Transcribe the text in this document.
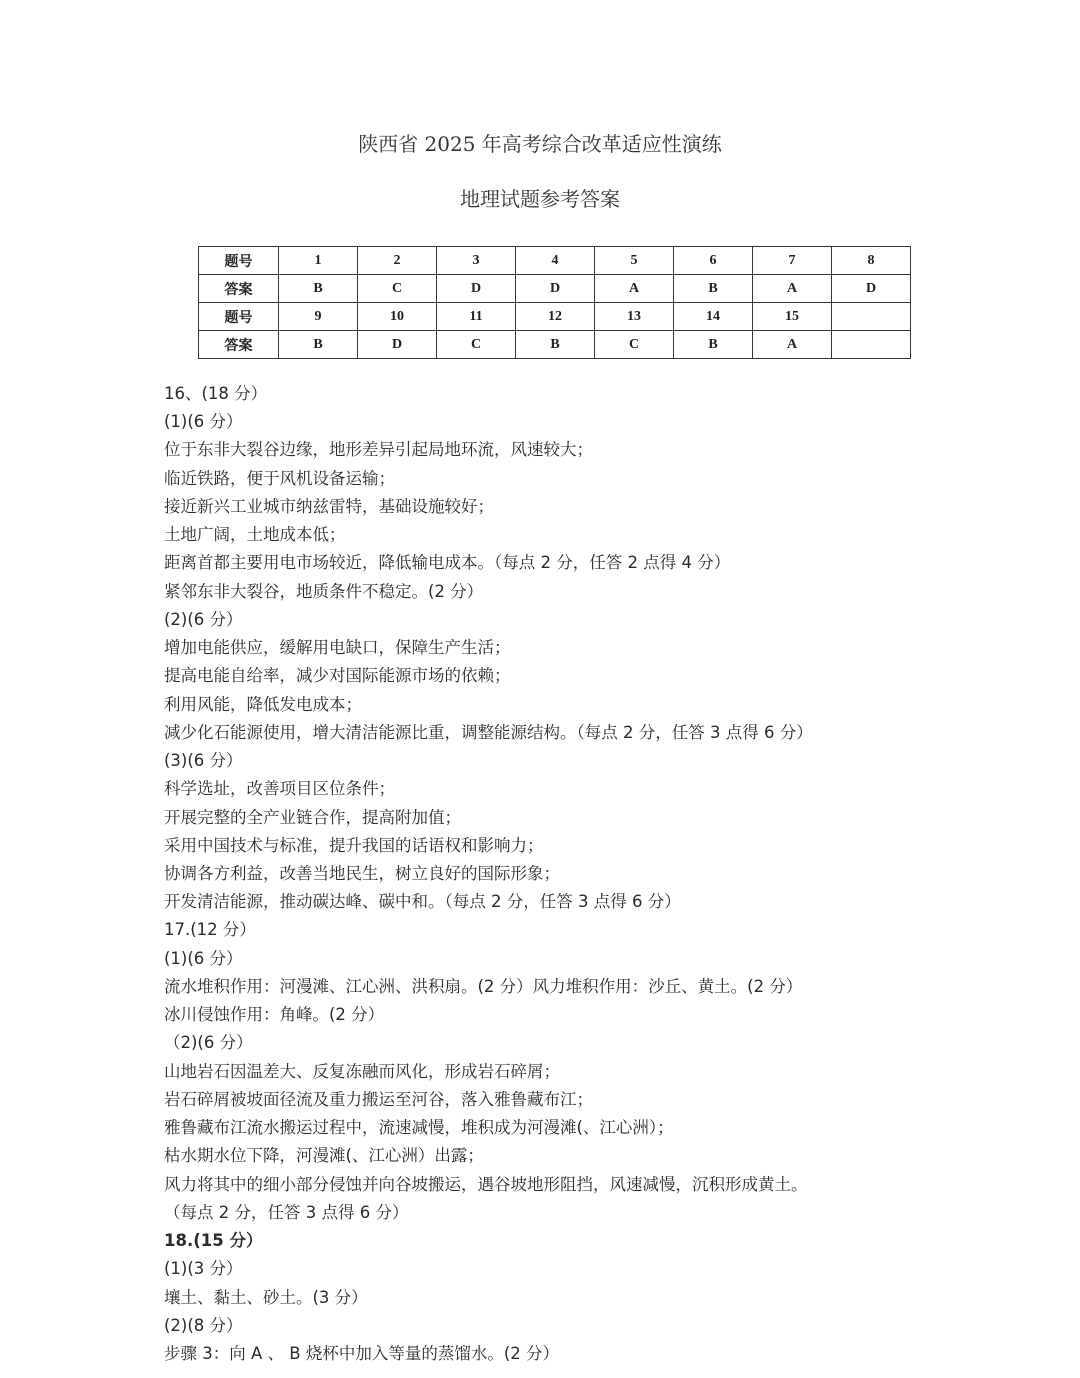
陕西省 2025 年高考综合改革适应性演练
地理试题参考答案
题号	1	2	3	4	5	6	7	8
答案	B	C	D	D	A	B	A	D
题号	9	10	11	12	13	14	15	
答案	B	D	C	B	C	B	A	
16、(18 分）
(1)(6 分）
位于东非大裂谷边缘，地形差异引起局地环流，风速较大；
临近铁路，便于风机设备运输；
接近新兴工业城市纳兹雷特，基础设施较好；
土地广阔，土地成本低；
距离首都主要用电市场较近，降低输电成本。（每点 2 分，任答 2 点得 4 分）
紧邻东非大裂谷，地质条件不稳定。(2 分）
(2)(6 分）
增加电能供应，缓解用电缺口，保障生产生活；
提高电能自给率，减少对国际能源市场的依赖；
利用风能，降低发电成本；
减少化石能源使用，增大清洁能源比重，调整能源结构。（每点 2 分，任答 3 点得 6 分）
(3)(6 分）
科学选址，改善项目区位条件；
开展完整的全产业链合作，提高附加值；
采用中国技术与标准，提升我国的话语权和影响力；
协调各方利益，改善当地民生，树立良好的国际形象；
开发清洁能源，推动碳达峰、碳中和。（每点 2 分，任答 3 点得 6 分）
17.(12 分）
(1)(6 分）
流水堆积作用：河漫滩、江心洲、洪积扇。(2 分）风力堆积作用：沙丘、黄土。(2 分）
冰川侵蚀作用：角峰。(2 分）
（2)(6 分）
山地岩石因温差大、反复冻融而风化，形成岩石碎屑；
岩石碎屑被坡面径流及重力搬运至河谷，落入雅鲁藏布江；
雅鲁藏布江流水搬运过程中，流速减慢，堆积成为河漫滩(、江心洲）；
枯水期水位下降，河漫滩(、江心洲）出露；
风力将其中的细小部分侵蚀并向谷坡搬运，遇谷坡地形阻挡，风速减慢，沉积形成黄土。
（每点 2 分，任答 3 点得 6 分）
18.(15 分）
(1)(3 分）
壤土、黏土、砂土。(3 分）
(2)(8 分）
步骤 3：向 A 、 B 烧杯中加入等量的蒸馏水。(2 分）
